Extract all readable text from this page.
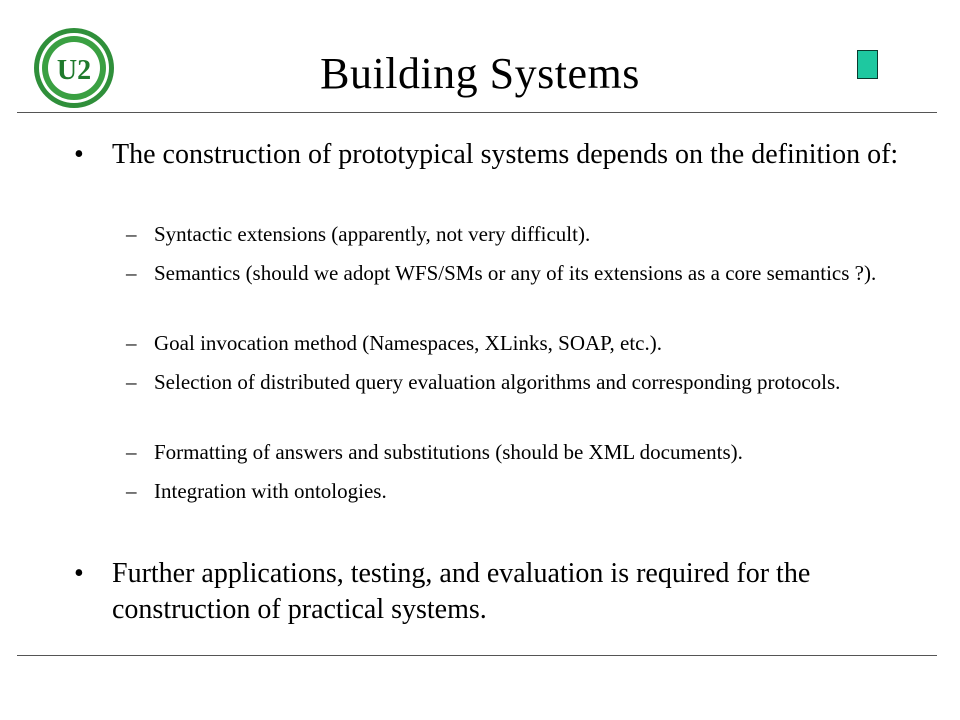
U2	Building Systems
• The construction of prototypical systems depends on the definition of:
– Syntactic extensions (apparently, not very difficult).
– Semantics (should we adopt WFS/SMs or any of its extensions as a core semantics ?).
– Goal invocation method (Namespaces, XLinks, SOAP, etc.).
– Selection of distributed query evaluation algorithms and corresponding protocols.
– Formatting of answers and substitutions (should be XML documents).
– Integration with ontologies.
• Further applications, testing, and evaluation is required for the construction of practical systems.
